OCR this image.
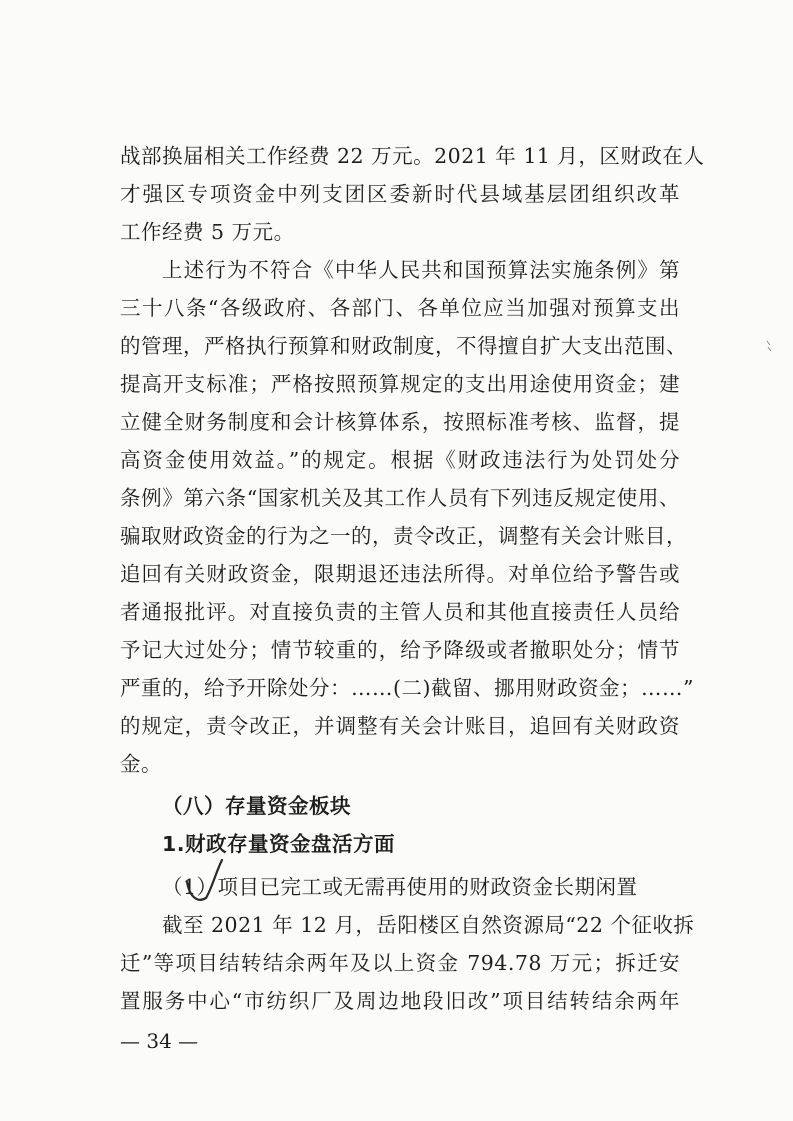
战部换届相关工作经费 22 万元。2021 年 11 月，区财政在人
才强区专项资金中列支团区委新时代县域基层团组织改革
工作经费 5 万元。
上述行为不符合《中华人民共和国预算法实施条例》第
三十八条“各级政府、各部门、各单位应当加强对预算支出
的管理，严格执行预算和财政制度，不得擅自扩大支出范围、
提高开支标准；严格按照预算规定的支出用途使用资金；建
立健全财务制度和会计核算体系，按照标准考核、监督，提
高资金使用效益。”的规定。根据《财政违法行为处罚处分
条例》第六条“国家机关及其工作人员有下列违反规定使用、
骗取财政资金的行为之一的，责令改正，调整有关会计账目，
追回有关财政资金，限期退还违法所得。对单位给予警告或
者通报批评。对直接负责的主管人员和其他直接责任人员给
予记大过处分；情节较重的，给予降级或者撤职处分；情节
严重的，给予开除处分：……(二)截留、挪用财政资金；……”
的规定，责令改正，并调整有关会计账目，追回有关财政资
金。
（八）存量资金板块
1.财政存量资金盘活方面
（1）项目已完工或无需再使用的财政资金长期闲置
截至 2021 年 12 月，岳阳楼区自然资源局“22 个征收拆
迁”等项目结转结余两年及以上资金 794.78 万元；拆迁安
置服务中心“市纺织厂及周边地段旧改”项目结转结余两年
— 34 —
